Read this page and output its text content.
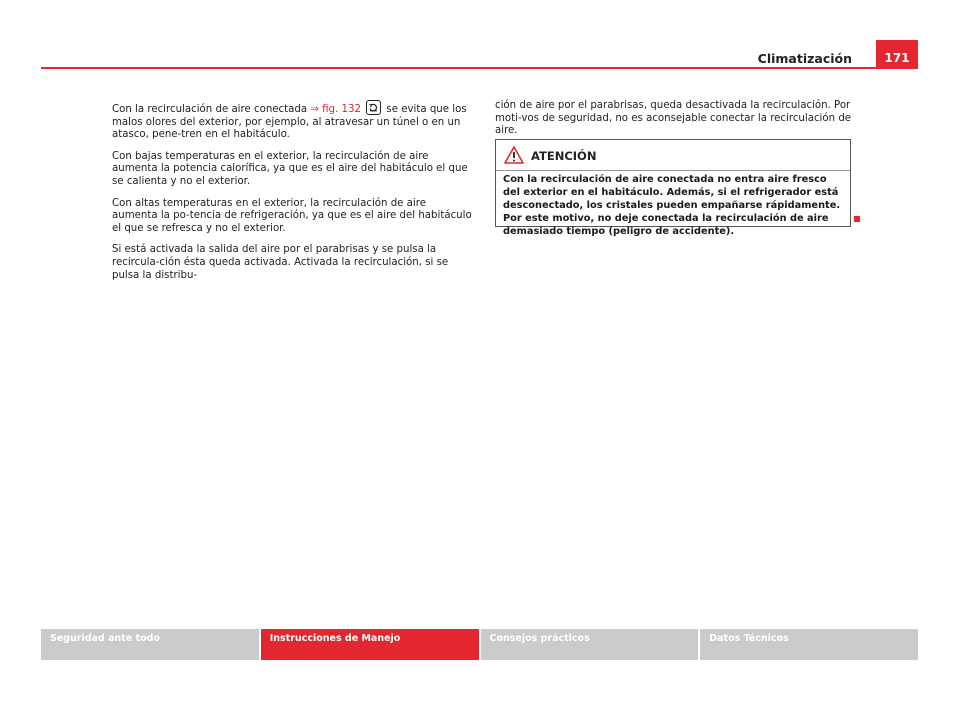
Climatización	171

Con la recirculación de aire conectada ⇒ fig. 132
se evita que los malos olores del exterior, por ejemplo, al atravesar un túnel o en un atasco, pene-tren en el habitáculo.

Con bajas temperaturas en el exterior, la recirculación de aire aumenta la potencia calorífica, ya que es el aire del habitáculo el que se calienta y no el exterior.

Con altas temperaturas en el exterior, la recirculación de aire aumenta la po-tencia de refrigeración, ya que es el aire del habitáculo el que se refresca y no el exterior.

Si está activada la salida del aire por el parabrisas y se pulsa la recircula-ción ésta queda activada. Activada la recirculación, si se pulsa la distribu-

ción de aire por el parabrisas, queda desactivada la recirculación. Por moti-vos de seguridad, no es aconsejable conectar la recirculación de aire.

ATENCIÓN
Con la recirculación de aire conectada no entra aire fresco del exterior en el habitáculo. Además, si el refrigerador está desconectado, los cristales pueden empañarse rápidamente. Por este motivo, no deje conectada la recirculación de aire demasiado tiempo (peligro de accidente).
Seguridad ante todo	Instrucciones de Manejo	Consejos prácticos	Datos Técnicos
